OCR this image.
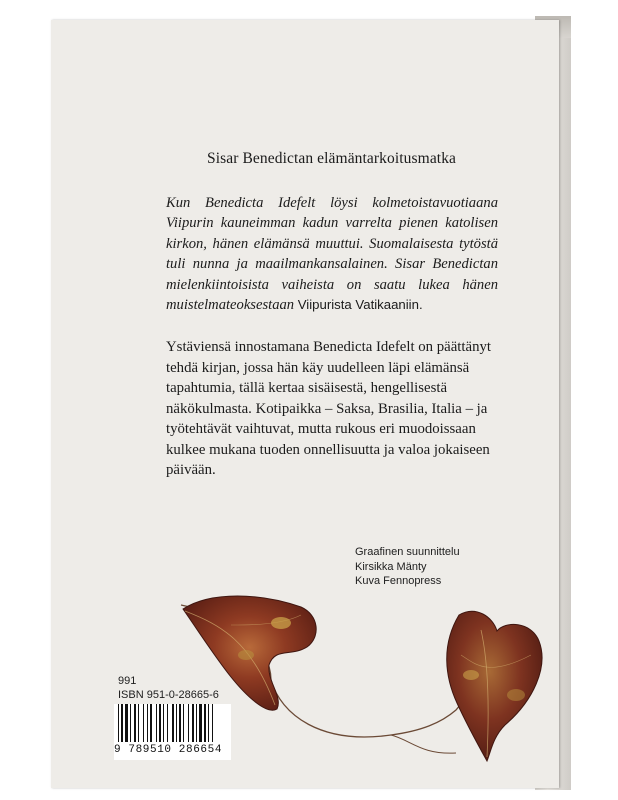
Sisar Benedictan elämäntarkoitusmatka

Kun Benedicta Idefelt löysi kolmetoistavuotiaana Viipurin kauneimman kadun varrelta pienen katolisen kirkon, hänen elämänsä muuttui. Suomalaisesta tytöstä tuli nunna ja maailmankansalainen. Sisar Benedictan mielenkiintoisista vaiheista on saatu lukea hänen muistelmateoksestaan Viipurista Vatikaaniin.

Ystäviensä innostamana Benedicta Idefelt on päättänyt tehdä kirjan, jossa hän käy uudelleen läpi elämänsä tapahtumia, tällä kertaa sisäisestä, hengellisestä näkökulmasta. Kotipaikka – Saksa, Brasilia, Italia – ja työtehtävät vaihtuvat, mutta rukous eri muodoissaan kulkee mukana tuoden onnellisuutta ja valoa jokaiseen päivään.

Graafinen suunnittelu
Kirsikka Mänty
Kuva Fennopress
991
ISBN 951-0-28665-6
9 789510 286654
